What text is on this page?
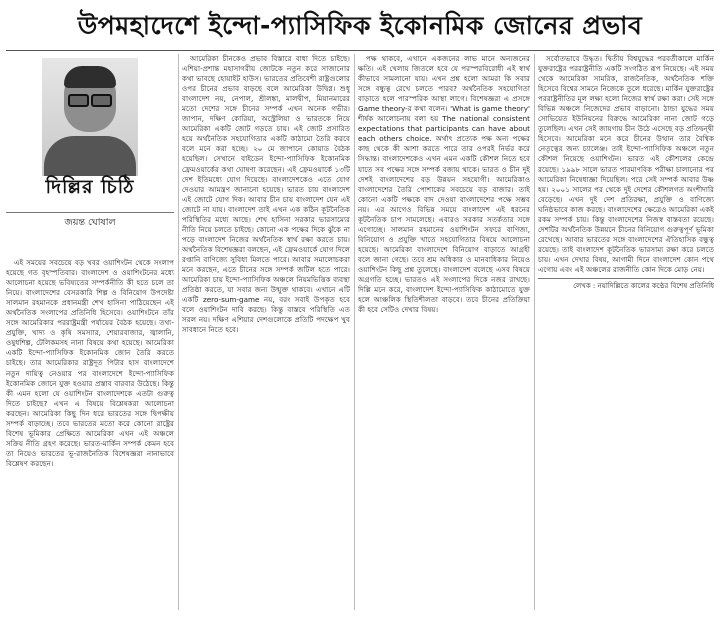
উপমহাদেশে ইন্দো-প্যাসিফিক ইকোনমিক জোনের প্রভাব
দিল্লির চিঠি
জয়ন্ত ঘোষাল

এই সময়ের সবচেয়ে বড় খবর ওয়াশিংটন থেকে সংলাপ হয়েছে গত বৃহস্পতিবার। বাংলাদেশ ও ওয়াশিংটনের মধ্যে আলোচনা হয়েছে ভবিষ্যতের সম্পর্কনীতি কী হতে চলে তা নিয়ে। বাংলাদেশের বেসরকারি শিল্প ও বিনিয়োগ উপদেষ্টা সালমান রহমানকে প্রধানমন্ত্রী শেখ হাসিনা পাঠিয়েছেন এই অর্থনৈতিক সংলাপের প্রতিনিধি হিসেবে। ওয়াশিংটনে তাঁর সঙ্গে আমেরিকার পররাষ্ট্রমন্ত্রী পর্যায়ের বৈঠক হয়েছে। তথ্য-প্রযুক্তি, খাদ্য ও কৃষি সমস্যার, শেয়ারবাজার, জ্বালানি, ওষুধশিল্প, টেলিকমসহ নানা বিষয়ে কথা হয়েছে। আমেরিকা একটি ইন্দো-প্যাসিফিক ইকোনমিক জোন তৈরি করতে চাইছে। তার আমেরিকার রাষ্ট্রদূত পিটার হাস বাংলাদেশে নতুন দায়িত্ব নেওয়ার পর বাংলাদেশে ইন্দো-প্যাসিফিক ইকোনমিক জোনে যুক্ত হওয়ার প্রস্তাব বারবার উঠেছে। কিন্তু কী এমন হলো যে ওয়াশিংটন বাংলাদেশকে এতটা গুরুত্ব দিতে চাইছে? এখন এ বিষয়ে বিশ্লেষকরা আলোচনা করছেন। আমেরিকা কিছু দিন ধরে ভারতের সঙ্গে দ্বিপক্ষীয় সম্পর্ক বাড়াচ্ছে। তবে ভারতের মতো করে কোনো রাষ্ট্রের বিশেষ ভূমিকার প্রেক্ষিতে আমেরিকা এখন এই অঞ্চলে সক্রিয় নীতি গ্রহণ করেছে। ভারত-মার্কিন সম্পর্ক কেমন হবে তা নিয়েও ভারতের ভূ-রাজনৈতিক বিশেষজ্ঞরা নানাভাবে বিশ্লেষণ করছেন।

আমেরিকা চীনকেও প্রভাব বিস্তারে বাধা দিতে চাইছে। এশিয়া-প্রশান্ত মহাসাগরীয় জোটকে নতুন করে সাজানোর কথা ভাবছে হোয়াইট হাউস। ভারতের প্রতিবেশী রাষ্ট্রগুলোর ওপর চীনের প্রভাব বাড়ছে বলে আমেরিকা উদ্বিগ্ন। শুধু বাংলাদেশ নয়, নেপাল, শ্রীলঙ্কা, মালদ্বীপ, মিয়ানমারের মতো দেশের সঙ্গে চীনের সম্পর্ক এখন অনেক গভীর। জাপান, দক্ষিণ কোরিয়া, অস্ট্রেলিয়া ও ভারতকে নিয়ে আমেরিকা একটি জোট গড়তে চায়। এই জোট প্রসারিত হয়ে অর্থনৈতিক সহযোগিতার একটি কাঠামো তৈরি করবে বলে মনে করা হচ্ছে। ২০ মে জাপানে কোয়াড বৈঠক হয়েছিল। সেখানে বাইডেন ইন্দো-প্যাসিফিক ইকোনমিক ফ্রেমওয়ার্কের কথা ঘোষণা করেছেন। এই ফ্রেমওয়ার্কে ১৩টি দেশ ইতিমধ্যে যোগ দিয়েছে। বাংলাদেশকেও এতে যোগ দেওয়ার আমন্ত্রণ জানানো হয়েছে। ভারত চায় বাংলাদেশ এই জোটে যোগ দিক। আবার চীন চায় বাংলাদেশ যেন এই জোটে না যায়। বাংলাদেশ তাই এখন এক কঠিন কূটনৈতিক পরিস্থিতির মধ্যে আছে। শেখ হাসিনা সরকার ভারসাম্যের নীতি নিয়ে চলতে চাইছে। কোনো এক পক্ষের দিকে ঝুঁকে না পড়ে বাংলাদেশ নিজের অর্থনৈতিক স্বার্থ রক্ষা করতে চায়। অর্থনৈতিক বিশেষজ্ঞরা বলছেন, এই ফ্রেমওয়ার্কে যোগ দিলে রপ্তানি বাণিজ্যে সুবিধা মিলতে পারে। আবার সমালোচকরা মনে করছেন, এতে চীনের সঙ্গে সম্পর্ক জটিল হতে পারে। আমেরিকা চায় ইন্দো-প্যাসিফিক অঞ্চলে নিয়মভিত্তিক ব্যবস্থা প্রতিষ্ঠা করতে, যা সবার জন্য উন্মুক্ত থাকবে। এখানে এটি একটি zero-sum-game নয়, বরং সবাই উপকৃত হবে বলে ওয়াশিংটন দাবি করছে। কিন্তু বাস্তবে পরিস্থিতি এত সরল নয়। দক্ষিণ এশিয়ার দেশগুলোকে প্রতিটি পদক্ষেপ খুব সাবধানে নিতে হবে।

পক্ষ থাকবে, এখানে একজনের লাভ মানে অন্যজনের ক্ষতি। এই খেলায় জিতলে হবে যে পরস্পরবিরোধী এই স্বার্থ কীভাবে সামলানো যায়। এখন প্রশ্ন হলো আমরা কি সবার সঙ্গে বন্ধুত্ব রেখে চলতে পারব? অর্থনৈতিক সহযোগিতা বাড়াতে হলে পারস্পরিক আস্থা লাগে। বিশেষজ্ঞরা এ প্রসঙ্গে Game theory-র কথা বলেন। 'What is game theory' শীর্ষক আলোচনায় বলা হয় The national consistent expectations that participants can have about each others choice. অর্থাৎ প্রত্যেক পক্ষ অন্য পক্ষের কাছ থেকে কী আশা করতে পারে তার ওপরই নির্ভর করে সিদ্ধান্ত। বাংলাদেশকেও এখন এমন একটি কৌশল নিতে হবে যাতে সব পক্ষের সঙ্গে সম্পর্ক বজায় থাকে। ভারত ও চীন দুই দেশই বাংলাদেশের বড় উন্নয়ন সহযোগী। আমেরিকাও বাংলাদেশের তৈরি পোশাকের সবচেয়ে বড় বাজার। তাই কোনো একটি পক্ষকে বাদ দেওয়া বাংলাদেশের পক্ষে সম্ভব নয়। এর আগেও বিভিন্ন সময়ে বাংলাদেশ এই ধরনের কূটনৈতিক চাপ সামলেছে। এবারও সরকার সতর্কতার সঙ্গে এগোচ্ছে। সালমান রহমানের ওয়াশিংটন সফরে বাণিজ্য, বিনিয়োগ ও প্রযুক্তি খাতে সহযোগিতার বিষয়ে আলোচনা হয়েছে। আমেরিকা বাংলাদেশে বিনিয়োগ বাড়াতে আগ্রহী বলে জানা গেছে। তবে শ্রম অধিকার ও মানবাধিকার নিয়েও ওয়াশিংটন কিছু প্রশ্ন তুলেছে। বাংলাদেশ বলেছে এসব বিষয়ে অগ্রগতি হচ্ছে। ভারতও এই সংলাপের দিকে নজর রাখছে। দিল্লি মনে করে, বাংলাদেশ ইন্দো-প্যাসিফিক কাঠামোতে যুক্ত হলে আঞ্চলিক স্থিতিশীলতা বাড়বে। তবে চীনের প্রতিক্রিয়া কী হবে সেটিও দেখার বিষয়।

সর্বোতভাবে উদ্ধৃত। দ্বিতীয় বিশ্বযুদ্ধের পরবর্তীকালে মার্কিন যুক্তরাষ্ট্রের পররাষ্ট্রনীতি একটি সংগঠিত রূপ নিয়েছে। এই সময় থেকে আমেরিকা সামরিক, রাজনৈতিক, অর্থনৈতিক শক্তি হিসেবে বিশ্বের সামনে নিজেকে তুলে ধরেছে। মার্কিন যুক্তরাষ্ট্রের পররাষ্ট্রনীতির মূল লক্ষ্য হলো নিজের স্বার্থ রক্ষা করা। সেই সঙ্গে বিভিন্ন অঞ্চলে নিজেদের প্রভাব বাড়ানো। ঠান্ডা যুদ্ধের সময় সোভিয়েত ইউনিয়নের বিরুদ্ধে আমেরিকা নানা জোট গড়ে তুলেছিল। এখন সেই জায়গায় চীন উঠে এসেছে বড় প্রতিদ্বন্দ্বী হিসেবে। আমেরিকা মনে করে চীনের উত্থান তার বৈশ্বিক নেতৃত্বের জন্য চ্যালেঞ্জ। তাই ইন্দো-প্যাসিফিক অঞ্চলে নতুন কৌশল নিয়েছে ওয়াশিংটন। ভারত এই কৌশলের কেন্দ্রে রয়েছে। ১৯৯৮ সালে ভারত পারমাণবিক পরীক্ষা চালানোর পর আমেরিকা নিষেধাজ্ঞা দিয়েছিল। পরে সেই সম্পর্ক আবার উষ্ণ হয়। ২০০১ সালের পর থেকে দুই দেশের কৌশলগত অংশীদারি বেড়েছে। এখন দুই দেশ প্রতিরক্ষা, প্রযুক্তি ও বাণিজ্যে ঘনিষ্ঠভাবে কাজ করছে। বাংলাদেশের ক্ষেত্রেও আমেরিকা একই রকম সম্পর্ক চায়। কিন্তু বাংলাদেশের নিজস্ব বাস্তবতা রয়েছে। দেশটির অর্থনৈতিক উন্নয়নে চীনের বিনিয়োগ গুরুত্বপূর্ণ ভূমিকা রেখেছে। আবার ভারতের সঙ্গে বাংলাদেশের ঐতিহাসিক বন্ধুত্ব রয়েছে। তাই বাংলাদেশ কূটনৈতিক ভারসাম্য রক্ষা করে চলতে চায়। এখন দেখার বিষয়, আগামী দিনে বাংলাদেশ কোন পথে এগোয় এবং এই অঞ্চলের রাজনীতি কোন দিকে মোড় নেয়।

লেখক : নয়াদিল্লিতে কালের কণ্ঠের বিশেষ প্রতিনিধি
